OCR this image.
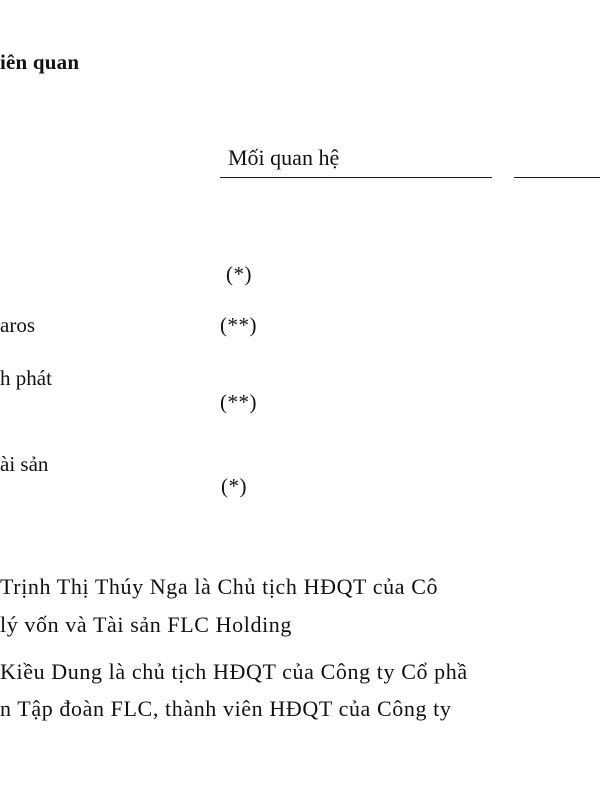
iên quan
Mối quan hệ
(*)
aros	(**)
h phát
(**)
ài sản
(*)
Trịnh Thị Thúy Nga là Chủ tịch HĐQT của Cô
lý vốn và Tài sản FLC Holding
Kiều Dung là chủ tịch HĐQT của Công ty Cổ phầ
n Tập đoàn FLC, thành viên HĐQT của Công ty
